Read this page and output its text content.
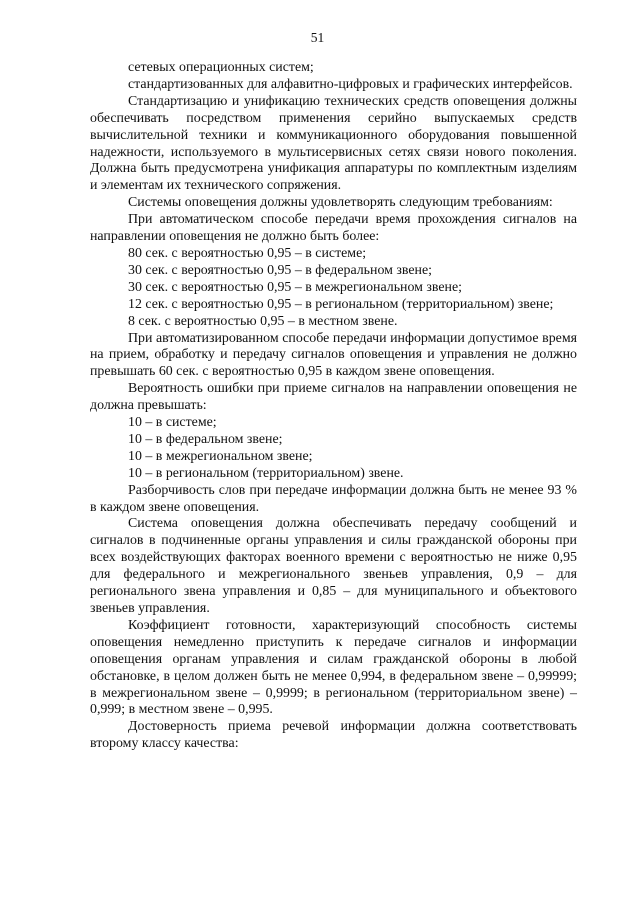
51

сетевых операционных систем;

стандартизованных для алфавитно-цифровых и графических интерфейсов.

Стандартизацию и унификацию технических средств оповещения должны обеспечивать посредством применения серийно выпускаемых средств вычислительной техники и коммуникационного оборудования повышенной надежности, используемого в мультисервисных сетях связи нового поколения. Должна быть предусмотрена унификация аппаратуры по комплектным изделиям и элементам их технического сопряжения.

Системы оповещения должны удовлетворять следующим требованиям:

При автоматическом способе передачи время прохождения сигналов на направлении оповещения не должно быть более:

80 сек. с вероятностью 0,95 – в системе;

30 сек. с вероятностью 0,95 – в федеральном звене;

30 сек. с вероятностью 0,95 – в межрегиональном звене;

12 сек. с вероятностью 0,95 – в региональном (территориальном) звене;

8 сек. с вероятностью 0,95 – в местном звене.

При автоматизированном способе передачи информации допустимое время на прием, обработку и передачу сигналов оповещения и управления не должно превышать 60 сек. с вероятностью 0,95 в каждом звене оповещения.

Вероятность ошибки при приеме сигналов на направлении оповещения не должна превышать:

10 – в системе;

10 – в федеральном звене;

10 – в межрегиональном звене;

10 – в региональном (территориальном) звене.

Разборчивость слов при передаче информации должна быть не менее 93 % в каждом звене оповещения.

Система оповещения должна обеспечивать передачу сообщений и сигналов в подчиненные органы управления и силы гражданской обороны при всех воздействующих факторах военного времени с вероятностью не ниже 0,95 для федерального и межрегионального звеньев управления, 0,9 – для регионального звена управления и 0,85 – для муниципального и объектового звеньев управления.

Коэффициент готовности, характеризующий способность системы оповещения немедленно приступить к передаче сигналов и информации оповещения органам управления и силам гражданской обороны в любой обстановке, в целом должен быть не менее 0,994, в федеральном звене – 0,99999; в межрегиональном звене – 0,9999; в региональном (территориальном звене) – 0,999; в местном звене – 0,995.

Достоверность приема речевой информации должна соответствовать второму классу качества:
